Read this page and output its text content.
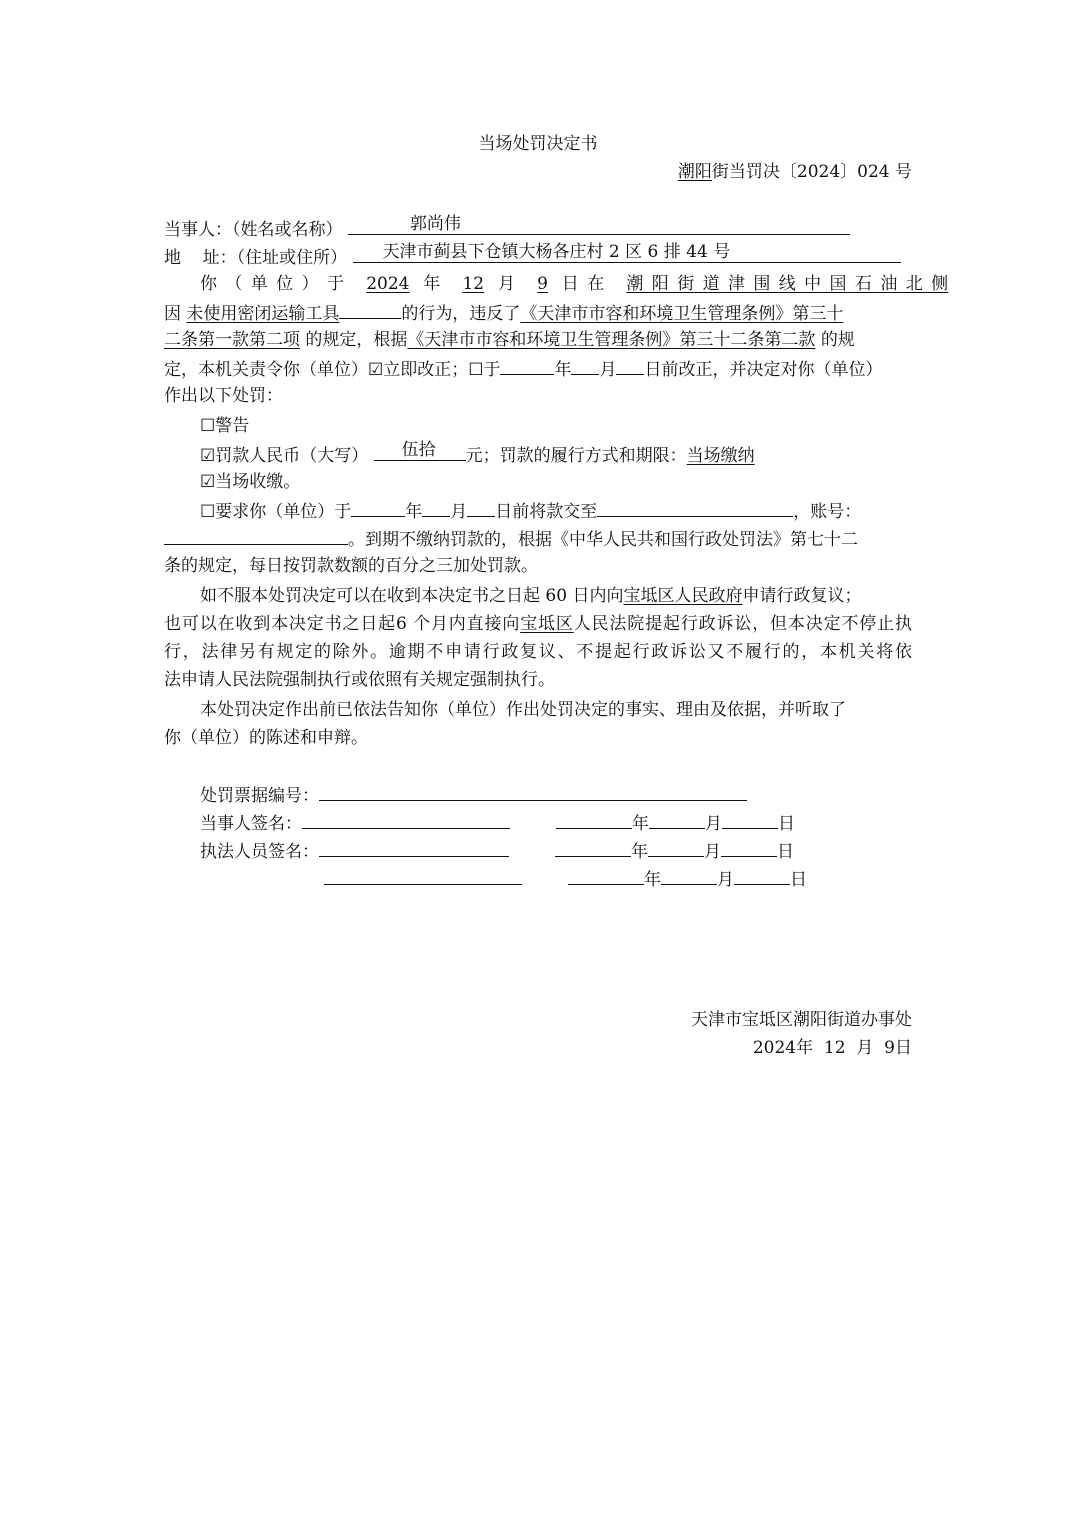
当场处罚决定书
潮阳街当罚决〔2024〕024 号
当事人：（姓名或名称）	郭尚伟
地    址：（住址或住所） 天津市蓟县下仓镇大杨各庄村 2 区 6 排 44 号
你（单位）于 2024 年 12 月 9 日在 潮阳街道津围线中国石油北侧
因 未使用密闭运输工具	的行为，违反了《天津市市容和环境卫生管理条例》第三十
二条第一款第二项 的规定，根据《天津市市容和环境卫生管理条例》第三十二条第二款 的规
定，本机关责令你（单位）☑立即改正；☐于	年 月 日前改正，并决定对你（单位）
作出以下处罚：
☐警告
☑罚款人民币（大写） 伍拾 元；罚款的履行方式和期限：当场缴纳
☑当场收缴。
☐要求你（单位）于	年 月 日前将款交至	，账号：
。到期不缴纳罚款的，根据《中华人民共和国行政处罚法》第七十二
条的规定，每日按罚款数额的百分之三加处罚款。
如不服本处罚决定可以在收到本决定书之日起 60 日内向宝坻区人民政府申请行政复议；
也可以在收到本决定书之日起6 个月内直接向宝坻区人民法院提起行政诉讼，但本决定不停止执
行，法律另有规定的除外。逾期不申请行政复议、不提起行政诉讼又不履行的，本机关将依
法申请人民法院强制执行或依照有关规定强制执行。
本处罚决定作出前已依法告知你（单位）作出处罚决定的事实、理由及依据，并听取了
你（单位）的陈述和申辩。
处罚票据编号：
当事人签名：	年	月	日
执法人员签名：	年	月	日
年	月	日
天津市宝坻区潮阳街道办事处
2024年  12  月  9日
